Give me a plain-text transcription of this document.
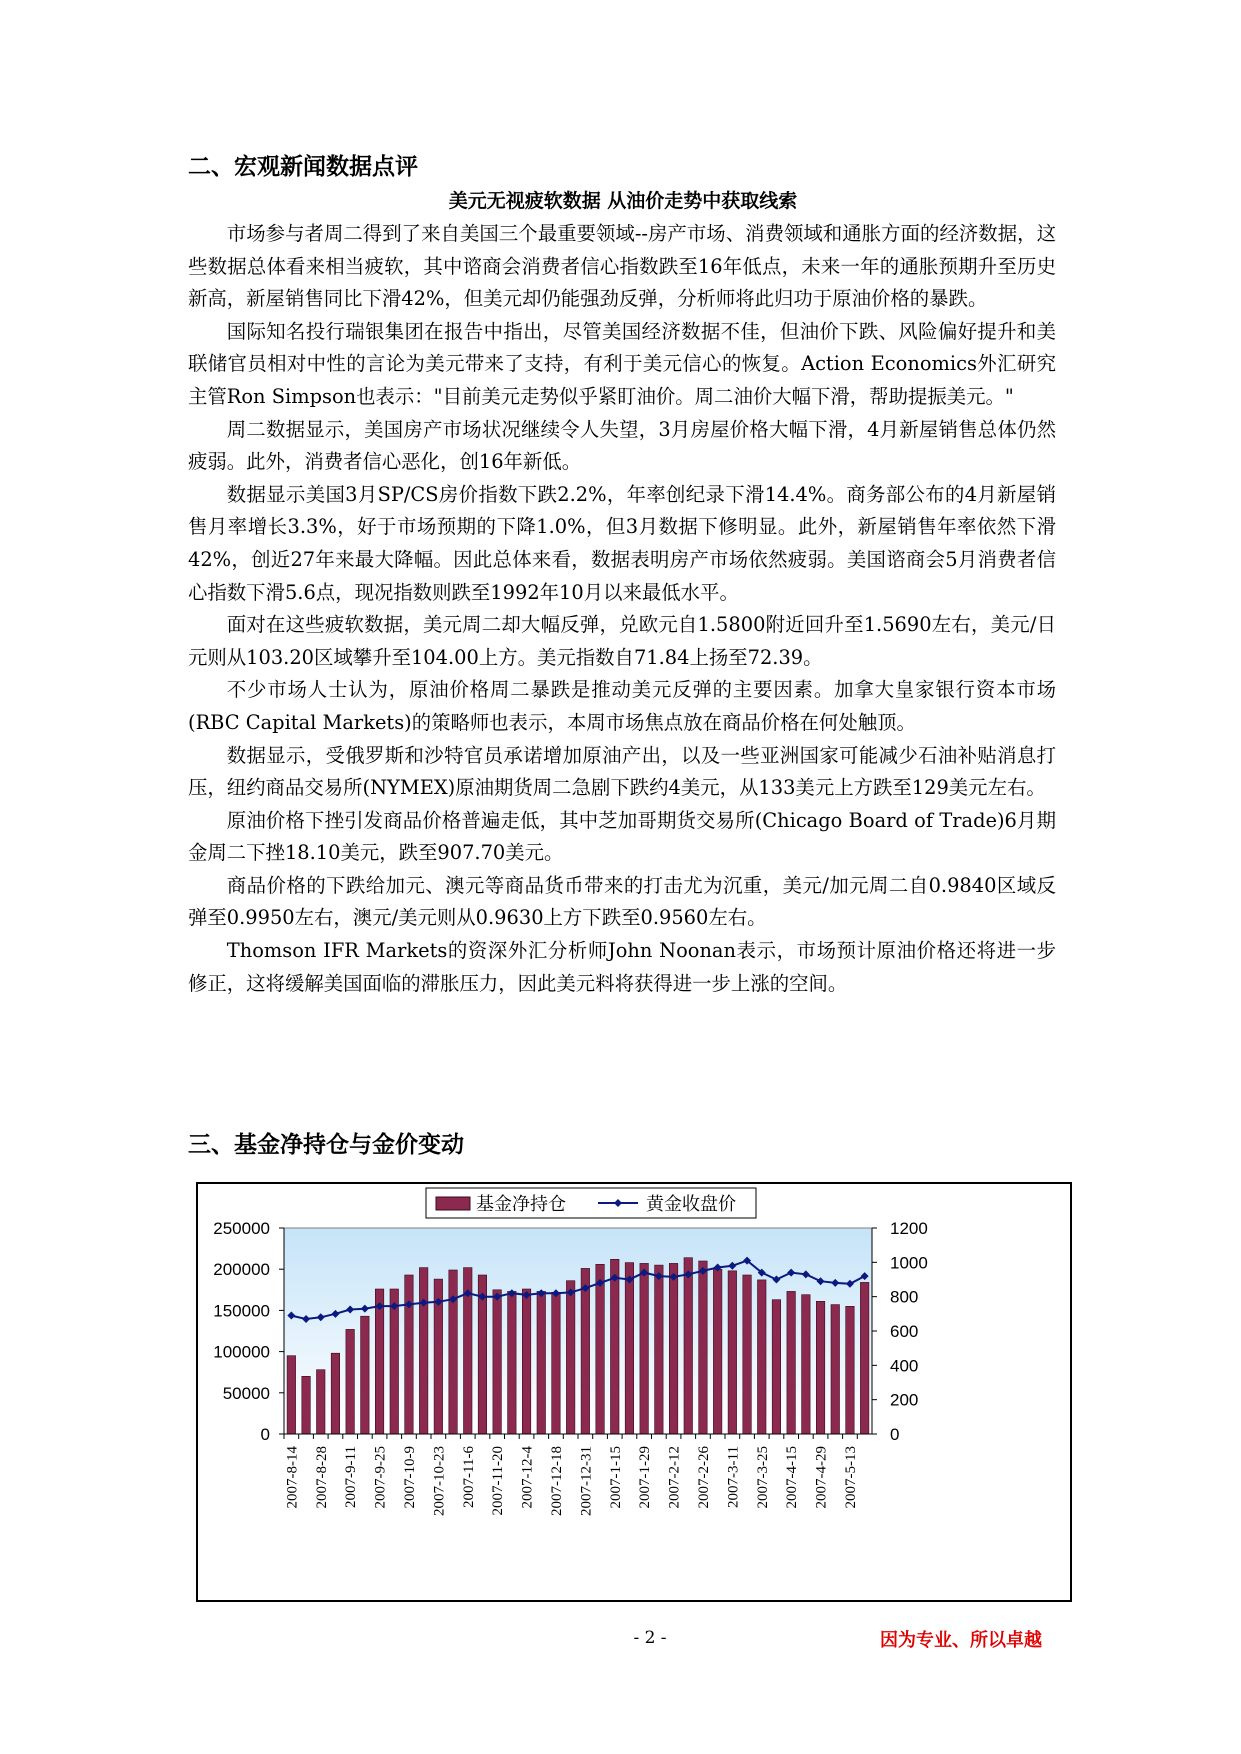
二、宏观新闻数据点评
美元无视疲软数据 从油价走势中获取线索

市场参与者周二得到了来自美国三个最重要领域--房产市场、消费领域和通胀方面的经济数据，这些数据总体看来相当疲软，其中谘商会消费者信心指数跌至16年低点，未来一年的通胀预期升至历史新高，新屋销售同比下滑42%，但美元却仍能强劲反弹，分析师将此归功于原油价格的暴跌。

国际知名投行瑞银集团在报告中指出，尽管美国经济数据不佳，但油价下跌、风险偏好提升和美联储官员相对中性的言论为美元带来了支持，有利于美元信心的恢复。Action Economics外汇研究主管Ron Simpson也表示："目前美元走势似乎紧盯油价。周二油价大幅下滑，帮助提振美元。"

周二数据显示，美国房产市场状况继续令人失望，3月房屋价格大幅下滑，4月新屋销售总体仍然疲弱。此外，消费者信心恶化，创16年新低。

数据显示美国3月SP/CS房价指数下跌2.2%，年率创纪录下滑14.4%。商务部公布的4月新屋销售月率增长3.3%，好于市场预期的下降1.0%，但3月数据下修明显。此外，新屋销售年率依然下滑42%，创近27年来最大降幅。因此总体来看，数据表明房产市场依然疲弱。美国谘商会5月消费者信心指数下滑5.6点，现况指数则跌至1992年10月以来最低水平。

面对在这些疲软数据，美元周二却大幅反弹，兑欧元自1.5800附近回升至1.5690左右，美元/日元则从103.20区域攀升至104.00上方。美元指数自71.84上扬至72.39。

不少市场人士认为，原油价格周二暴跌是推动美元反弹的主要因素。加拿大皇家银行资本市场(RBC Capital Markets)的策略师也表示，本周市场焦点放在商品价格在何处触顶。

数据显示，受俄罗斯和沙特官员承诺增加原油产出，以及一些亚洲国家可能减少石油补贴消息打压，纽约商品交易所(NYMEX)原油期货周二急剧下跌约4美元，从133美元上方跌至129美元左右。

原油价格下挫引发商品价格普遍走低，其中芝加哥期货交易所(Chicago Board of Trade)6月期金周二下挫18.10美元，跌至907.70美元。

商品价格的下跌给加元、澳元等商品货币带来的打击尤为沉重，美元/加元周二自0.9840区域反弹至0.9950左右，澳元/美元则从0.9630上方下跌至0.9560左右。

Thomson IFR Markets的资深外汇分析师John Noonan表示，市场预计原油价格还将进一步修正，这将缓解美国面临的滞胀压力，因此美元料将获得进一步上涨的空间。

三、基金净持仓与金价变动
基金净持仓	黄金收盘价
0
50000
100000
150000
200000
250000
0
200
400
600
800
1000
1200
2007-8-14 2007-8-28 2007-9-11 2007-9-25 2007-10-9 2007-10-23 2007-11-6 2007-11-20 2007-12-4 2007-12-18 2007-12-31 2007-1-15 2007-1-29 2007-2-12 2007-2-26 2007-3-11 2007-3-25 2007-4-15 2007-4-29 2007-5-13
- 2 -	因为专业、所以卓越
